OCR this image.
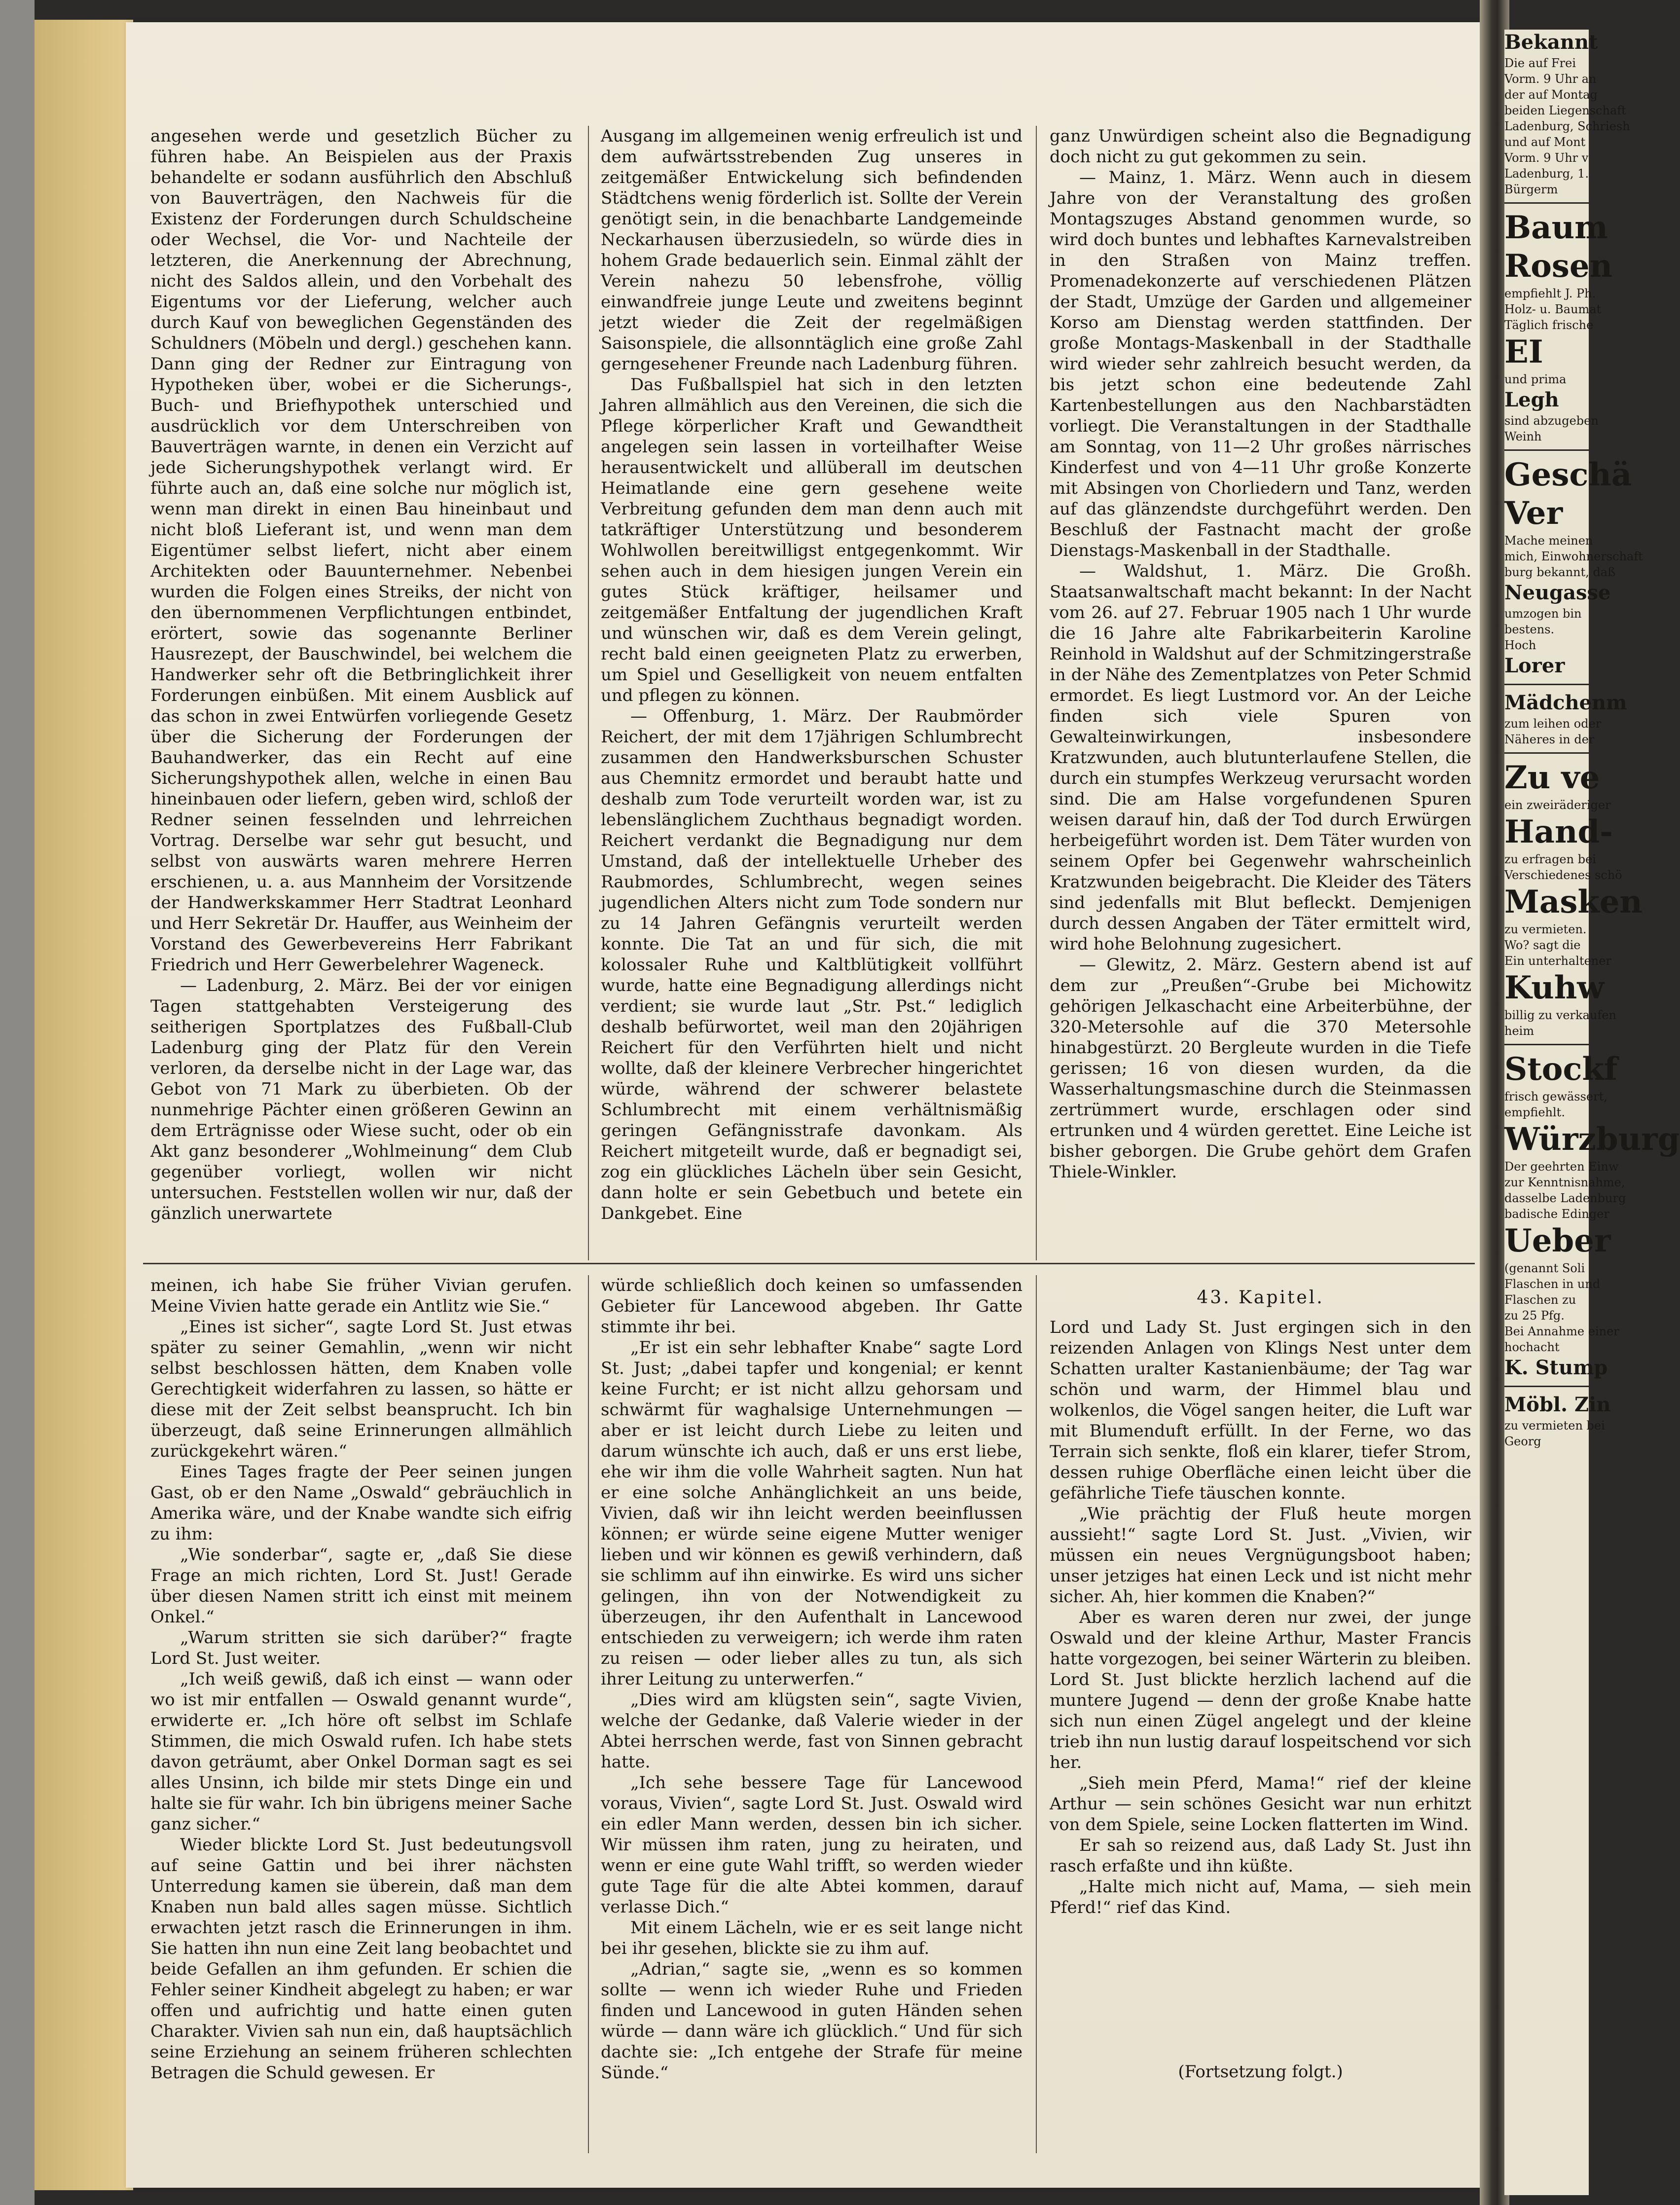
angesehen werde und gesetzlich Bücher zu führen habe. An Beispielen aus der Praxis behandelte er sodann ausführlich den Abschluß von Bauverträgen, den Nachweis für die Existenz der Forderungen durch Schuldscheine oder Wechsel, die Vor- und Nachteile der letzteren, die Anerkennung der Abrechnung, nicht des Saldos allein, und den Vorbehalt des Eigentums vor der Lieferung, welcher auch durch Kauf von beweglichen Gegenständen des Schuldners (Möbeln und dergl.) geschehen kann. Dann ging der Redner zur Eintragung von Hypotheken über, wobei er die Sicherungs-, Buch- und Briefhypothek unterschied und ausdrücklich vor dem Unterschreiben von Bauverträgen warnte, in denen ein Verzicht auf jede Sicherungshypothek verlangt wird. Er führte auch an, daß eine solche nur möglich ist, wenn man direkt in einen Bau hineinbaut und nicht bloß Lieferant ist, und wenn man dem Eigentümer selbst liefert, nicht aber einem Architekten oder Bauunternehmer. Nebenbei wurden die Folgen eines Streiks, der nicht von den übernommenen Verpflichtungen entbindet, erörtert, sowie das sogenannte Berliner Hausrezept, der Bauschwindel, bei welchem die Handwerker sehr oft die Betbringlichkeit ihrer Forderungen einbüßen. Mit einem Ausblick auf das schon in zwei Entwürfen vorliegende Gesetz über die Sicherung der Forderungen der Bauhandwerker, das ein Recht auf eine Sicherungshypothek allen, welche in einen Bau hineinbauen oder liefern, geben wird, schloß der Redner seinen fesselnden und lehrreichen Vortrag. Derselbe war sehr gut besucht, und selbst von auswärts waren mehrere Herren erschienen, u. a. aus Mannheim der Vorsitzende der Handwerkskammer Herr Stadtrat Leonhard und Herr Sekretär Dr. Hauffer, aus Weinheim der Vorstand des Gewerbevereins Herr Fabrikant Friedrich und Herr Gewerbelehrer Wageneck.

— Ladenburg, 2. März. Bei der vor einigen Tagen stattgehabten Versteigerung des seitherigen Sportplatzes des Fußball-Club Ladenburg ging der Platz für den Verein verloren, da derselbe nicht in der Lage war, das Gebot von 71 Mark zu überbieten. Ob der nunmehrige Pächter einen größeren Gewinn an dem Erträgnisse oder Wiese sucht, oder ob ein Akt ganz besonderer „Wohlmeinung“ dem Club gegenüber vorliegt, wollen wir nicht untersuchen. Feststellen wollen wir nur, daß der gänzlich unerwartete

Ausgang im allgemeinen wenig erfreulich ist und dem aufwärtsstrebenden Zug unseres in zeitgemäßer Entwickelung sich befindenden Städtchens wenig förderlich ist. Sollte der Verein genötigt sein, in die benachbarte Landgemeinde Neckarhausen überzusiedeln, so würde dies in hohem Grade bedauerlich sein. Einmal zählt der Verein nahezu 50 lebensfrohe, völlig einwandfreie junge Leute und zweitens beginnt jetzt wieder die Zeit der regelmäßigen Saisonspiele, die allsonntäglich eine große Zahl gerngesehener Freunde nach Ladenburg führen.

Das Fußballspiel hat sich in den letzten Jahren allmählich aus den Vereinen, die sich die Pflege körperlicher Kraft und Gewandtheit angelegen sein lassen in vorteilhafter Weise herausentwickelt und allüberall im deutschen Heimatlande eine gern gesehene weite Verbreitung gefunden dem man denn auch mit tatkräftiger Unterstützung und besonderem Wohlwollen bereitwilligst entgegenkommt. Wir sehen auch in dem hiesigen jungen Verein ein gutes Stück kräftiger, heilsamer und zeitgemäßer Entfaltung der jugendlichen Kraft und wünschen wir, daß es dem Verein gelingt, recht bald einen geeigneten Platz zu erwerben, um Spiel und Geselligkeit von neuem entfalten und pflegen zu können.

— Offenburg, 1. März. Der Raubmörder Reichert, der mit dem 17jährigen Schlumbrecht zusammen den Handwerksburschen Schuster aus Chemnitz ermordet und beraubt hatte und deshalb zum Tode verurteilt worden war, ist zu lebenslänglichem Zuchthaus begnadigt worden. Reichert verdankt die Begnadigung nur dem Umstand, daß der intellektuelle Urheber des Raubmordes, Schlumbrecht, wegen seines jugendlichen Alters nicht zum Tode sondern nur zu 14 Jahren Gefängnis verurteilt werden konnte. Die Tat an und für sich, die mit kolossaler Ruhe und Kaltblütigkeit vollführt wurde, hatte eine Begnadigung allerdings nicht verdient; sie wurde laut „Str. Pst.“ lediglich deshalb befürwortet, weil man den 20jährigen Reichert für den Verführten hielt und nicht wollte, daß der kleinere Verbrecher hingerichtet würde, während der schwerer belastete Schlumbrecht mit einem verhältnismäßig geringen Gefängnisstrafe davonkam. Als Reichert mitgeteilt wurde, daß er begnadigt sei, zog ein glückliches Lächeln über sein Gesicht, dann holte er sein Gebetbuch und betete ein Dankgebet. Eine

ganz Unwürdigen scheint also die Begnadigung doch nicht zu gut gekommen zu sein.

— Mainz, 1. März. Wenn auch in diesem Jahre von der Veranstaltung des großen Montagszuges Abstand genommen wurde, so wird doch buntes und lebhaftes Karnevalstreiben in den Straßen von Mainz treffen. Promenadekonzerte auf verschiedenen Plätzen der Stadt, Umzüge der Garden und allgemeiner Korso am Dienstag werden stattfinden. Der große Montags-Maskenball in der Stadthalle wird wieder sehr zahlreich besucht werden, da bis jetzt schon eine bedeutende Zahl Kartenbestellungen aus den Nachbarstädten vorliegt. Die Veranstaltungen in der Stadthalle am Sonntag, von 11—2 Uhr großes närrisches Kinderfest und von 4—11 Uhr große Konzerte mit Absingen von Chorliedern und Tanz, werden auf das glänzendste durchgeführt werden. Den Beschluß der Fastnacht macht der große Dienstags-Maskenball in der Stadthalle.

— Waldshut, 1. März. Die Großh. Staatsanwaltschaft macht bekannt: In der Nacht vom 26. auf 27. Februar 1905 nach 1 Uhr wurde die 16 Jahre alte Fabrikarbeiterin Karoline Reinhold in Waldshut auf der Schmitzingerstraße in der Nähe des Zementplatzes von Peter Schmid ermordet. Es liegt Lustmord vor. An der Leiche finden sich viele Spuren von Gewalteinwirkungen, insbesondere Kratzwunden, auch blutunterlaufene Stellen, die durch ein stumpfes Werkzeug verursacht worden sind. Die am Halse vorgefundenen Spuren weisen darauf hin, daß der Tod durch Erwürgen herbeigeführt worden ist. Dem Täter wurden von seinem Opfer bei Gegenwehr wahrscheinlich Kratzwunden beigebracht. Die Kleider des Täters sind jedenfalls mit Blut befleckt. Demjenigen durch dessen Angaben der Täter ermittelt wird, wird hohe Belohnung zugesichert.

— Glewitz, 2. März. Gestern abend ist auf dem zur „Preußen“-Grube bei Michowitz gehörigen Jelkaschacht eine Arbeiterbühne, der 320-Metersohle auf die 370 Metersohle hinabgestürzt. 20 Bergleute wurden in die Tiefe gerissen; 16 von diesen wurden, da die Wasserhaltungsmaschine durch die Steinmassen zertrümmert wurde, erschlagen oder sind ertrunken und 4 würden gerettet. Eine Leiche ist bisher geborgen. Die Grube gehört dem Grafen Thiele-Winkler.

meinen, ich habe Sie früher Vivian gerufen. Meine Vivien hatte gerade ein Antlitz wie Sie.“

„Eines ist sicher“, sagte Lord St. Just etwas später zu seiner Gemahlin, „wenn wir nicht selbst beschlossen hätten, dem Knaben volle Gerechtigkeit widerfahren zu lassen, so hätte er diese mit der Zeit selbst beansprucht. Ich bin überzeugt, daß seine Erinnerungen allmählich zurückgekehrt wären.“

Eines Tages fragte der Peer seinen jungen Gast, ob er den Name „Oswald“ gebräuchlich in Amerika wäre, und der Knabe wandte sich eifrig zu ihm:

„Wie sonderbar“, sagte er, „daß Sie diese Frage an mich richten, Lord St. Just! Gerade über diesen Namen stritt ich einst mit meinem Onkel.“

„Warum stritten sie sich darüber?“ fragte Lord St. Just weiter.

„Ich weiß gewiß, daß ich einst — wann oder wo ist mir entfallen — Oswald genannt wurde“, erwiderte er. „Ich höre oft selbst im Schlafe Stimmen, die mich Oswald rufen. Ich habe stets davon geträumt, aber Onkel Dorman sagt es sei alles Unsinn, ich bilde mir stets Dinge ein und halte sie für wahr. Ich bin übrigens meiner Sache ganz sicher.“

Wieder blickte Lord St. Just bedeutungsvoll auf seine Gattin und bei ihrer nächsten Unterredung kamen sie überein, daß man dem Knaben nun bald alles sagen müsse. Sichtlich erwachten jetzt rasch die Erinnerungen in ihm. Sie hatten ihn nun eine Zeit lang beobachtet und beide Gefallen an ihm gefunden. Er schien die Fehler seiner Kindheit abgelegt zu haben; er war offen und aufrichtig und hatte einen guten Charakter. Vivien sah nun ein, daß hauptsächlich seine Erziehung an seinem früheren schlechten Betragen die Schuld gewesen. Er

würde schließlich doch keinen so umfassenden Gebieter für Lancewood abgeben. Ihr Gatte stimmte ihr bei.

„Er ist ein sehr lebhafter Knabe“ sagte Lord St. Just; „dabei tapfer und kongenial; er kennt keine Furcht; er ist nicht allzu gehorsam und schwärmt für waghalsige Unternehmungen — aber er ist leicht durch Liebe zu leiten und darum wünschte ich auch, daß er uns erst liebe, ehe wir ihm die volle Wahrheit sagten. Nun hat er eine solche Anhänglichkeit an uns beide, Vivien, daß wir ihn leicht werden beeinflussen können; er würde seine eigene Mutter weniger lieben und wir können es gewiß verhindern, daß sie schlimm auf ihn einwirke. Es wird uns sicher gelingen, ihn von der Notwendigkeit zu überzeugen, ihr den Aufenthalt in Lancewood entschieden zu verweigern; ich werde ihm raten zu reisen — oder lieber alles zu tun, als sich ihrer Leitung zu unterwerfen.“

„Dies wird am klügsten sein“, sagte Vivien, welche der Gedanke, daß Valerie wieder in der Abtei herrschen werde, fast von Sinnen gebracht hatte.

„Ich sehe bessere Tage für Lancewood voraus, Vivien“, sagte Lord St. Just. Oswald wird ein edler Mann werden, dessen bin ich sicher. Wir müssen ihm raten, jung zu heiraten, und wenn er eine gute Wahl trifft, so werden wieder gute Tage für die alte Abtei kommen, darauf verlasse Dich.“

Mit einem Lächeln, wie er es seit lange nicht bei ihr gesehen, blickte sie zu ihm auf.

„Adrian,“ sagte sie, „wenn es so kommen sollte — wenn ich wieder Ruhe und Frieden finden und Lancewood in guten Händen sehen würde — dann wäre ich glücklich.“ Und für sich dachte sie: „Ich entgehe der Strafe für meine Sünde.“

43. Kapitel.

Lord und Lady St. Just ergingen sich in den reizenden Anlagen von Klings Nest unter dem Schatten uralter Kastanienbäume; der Tag war schön und warm, der Himmel blau und wolkenlos, die Vögel sangen heiter, die Luft war mit Blumenduft erfüllt. In der Ferne, wo das Terrain sich senkte, floß ein klarer, tiefer Strom, dessen ruhige Oberfläche einen leicht über die gefährliche Tiefe täuschen konnte.

„Wie prächtig der Fluß heute morgen aussieht!“ sagte Lord St. Just. „Vivien, wir müssen ein neues Vergnügungsboot haben; unser jetziges hat einen Leck und ist nicht mehr sicher. Ah, hier kommen die Knaben?“

Aber es waren deren nur zwei, der junge Oswald und der kleine Arthur, Master Francis hatte vorgezogen, bei seiner Wärterin zu bleiben. Lord St. Just blickte herzlich lachend auf die muntere Jugend — denn der große Knabe hatte sich nun einen Zügel angelegt und der kleine trieb ihn nun lustig darauf lospeitschend vor sich her.

„Sieh mein Pferd, Mama!“ rief der kleine Arthur — sein schönes Gesicht war nun erhitzt von dem Spiele, seine Locken flatterten im Wind.

Er sah so reizend aus, daß Lady St. Just ihn rasch erfaßte und ihn küßte.

„Halte mich nicht auf, Mama, — sieh mein Pferd!“ rief das Kind.

(Fortsetzung folgt.)
Bekannt
Die auf Frei
Vorm. 9 Uhr an
der auf Montag
beiden Liegenschaft
Ladenburg, Schriesh
und auf Mont
Vorm. 9 Uhr v
Ladenburg, 1.
Bürgerm
Baum
Rosen
empfiehlt J. Ph.
Holz- u. Baumat
Täglich frische
EI
und prima
Legh
sind abzugeben
Weinh
Geschä
Ver
Mache meinen
mich, Einwohnerschaft
burg bekannt, daß
Neugasse
umzogen bin
bestens.
Hoch
Lorer
Mädchenm
zum leihen oder
Näheres in der
Zu ve
ein zweiräderiger
Hand-
zu erfragen bei
Verschiedenes schö
Masken
zu vermieten.
Wo? sagt die
Ein unterhaltener
Kuhw
billig zu verkaufen
heim
Stockf
frisch gewässert,
empfiehlt.
Würzburg
Der geehrten Einw
zur Kenntnisnahme,
dasselbe Ladenburg
badische Edinger
Ueber
(genannt Soli
Flaschen in und
Flaschen zu
zu 25 Pfg.
Bei Annahme einer
hochacht
K. Stump
Möbl. Zin
zu vermieten bei
Georg
